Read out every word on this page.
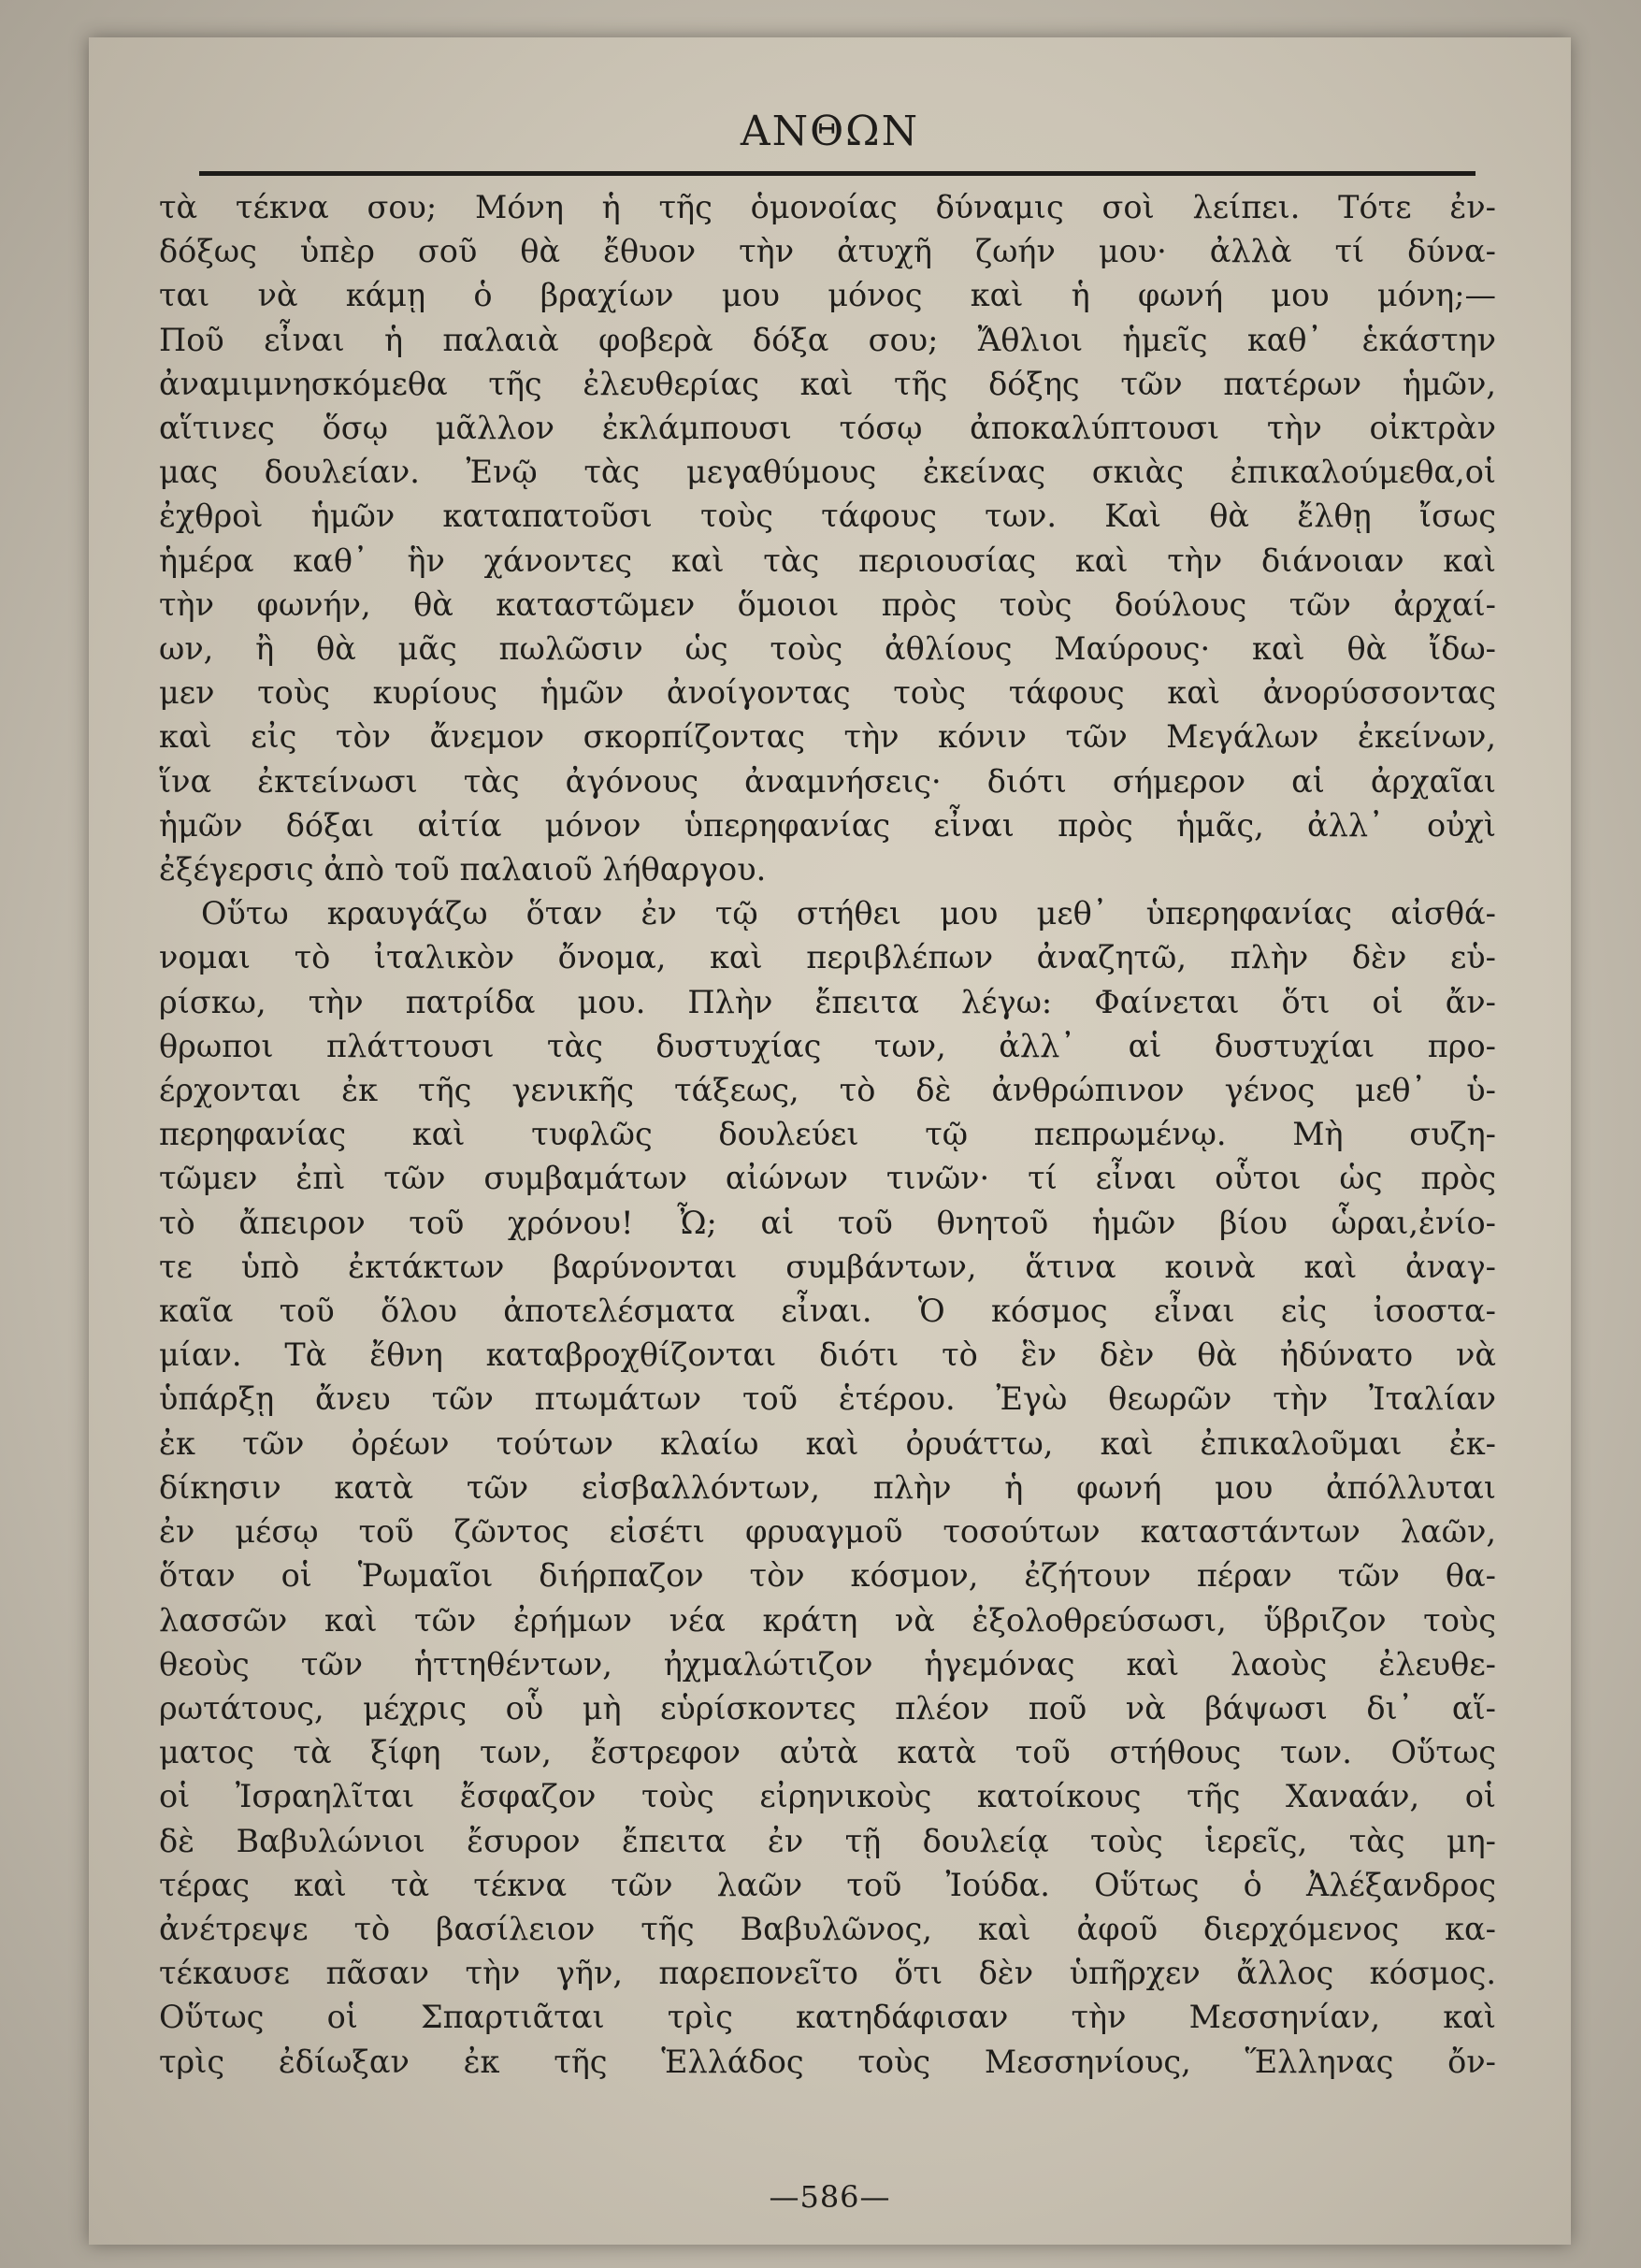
ΑΝΘΩΝ
τὰ τέκνα σου; Μόνη ἡ τῆς ὁμονοίας δύναμις σοὶ λείπει. Τότε ἐν-
δόξως ὑπὲρ σοῦ θὰ ἔθυον τὴν ἀτυχῆ ζωήν μου· ἀλλὰ τί δύνα-
ται νὰ κάμῃ ὁ βραχίων μου μόνος καὶ ἡ φωνή μου μόνη;—
Ποῦ εἶναι ἡ παλαιὰ φοβερὰ δόξα σου; Ἄθλιοι ἡμεῖς καθ᾽ ἑκάστην
ἀναμιμνησκόμεθα τῆς ἐλευθερίας καὶ τῆς δόξης τῶν πατέρων ἡμῶν,
αἵτινες ὅσῳ μᾶλλον ἐκλάμπουσι τόσῳ ἀποκαλύπτουσι τὴν οἰκτρὰν
μας δουλείαν. Ἐνῷ τὰς μεγαθύμους ἐκείνας σκιὰς ἐπικαλούμεθα,οἱ
ἐχθροὶ ἡμῶν καταπατοῦσι τοὺς τάφους των. Καὶ θὰ ἔλθῃ ἴσως
ἡμέρα καθ᾽ ἣν χάνοντες καὶ τὰς περιουσίας καὶ τὴν διάνοιαν καὶ
τὴν φωνήν, θὰ καταστῶμεν ὅμοιοι πρὸς τοὺς δούλους τῶν ἀρχαί-
ων, ἢ θὰ μᾶς πωλῶσιν ὡς τοὺς ἀθλίους Μαύρους· καὶ θὰ ἴδω-
μεν τοὺς κυρίους ἡμῶν ἀνοίγοντας τοὺς τάφους καὶ ἀνορύσσοντας
καὶ εἰς τὸν ἄνεμον σκορπίζοντας τὴν κόνιν τῶν Μεγάλων ἐκείνων,
ἵνα ἐκτείνωσι τὰς ἀγόνους ἀναμνήσεις· διότι σήμερον αἱ ἀρχαῖαι
ἡμῶν δόξαι αἰτία μόνον ὑπερηφανίας εἶναι πρὸς ἡμᾶς, ἀλλ᾽ οὐχὶ
ἐξέγερσις ἀπὸ τοῦ παλαιοῦ λήθαργου.
Οὕτω κραυγάζω ὅταν ἐν τῷ στήθει μου μεθ᾽ ὑπερηφανίας αἰσθά-
νομαι τὸ ἰταλικὸν ὄνομα, καὶ περιβλέπων ἀναζητῶ, πλὴν δὲν εὑ-
ρίσκω, τὴν πατρίδα μου. Πλὴν ἔπειτα λέγω: Φαίνεται ὅτι οἱ ἄν-
θρωποι πλάττουσι τὰς δυστυχίας των, ἀλλ᾽ αἱ δυστυχίαι προ-
έρχονται ἐκ τῆς γενικῆς τάξεως, τὸ δὲ ἀνθρώπινον γένος μεθ᾽ ὑ-
περηφανίας καὶ τυφλῶς δουλεύει τῷ πεπρωμένῳ. Μὴ συζη-
τῶμεν ἐπὶ τῶν συμβαμάτων αἰώνων τινῶν· τί εἶναι οὗτοι ὡς πρὸς
τὸ ἄπειρον τοῦ χρόνου! Ὦ; αἱ τοῦ θνητοῦ ἡμῶν βίου ὧραι,ἐνίο-
τε ὑπὸ ἐκτάκτων βαρύνονται συμβάντων, ἅτινα κοινὰ καὶ ἀναγ-
καῖα τοῦ ὅλου ἀποτελέσματα εἶναι. Ὁ κόσμος εἶναι εἰς ἰσοστα-
μίαν. Τὰ ἔθνη καταβροχθίζονται διότι τὸ ἓν δὲν θὰ ἠδύνατο νὰ
ὑπάρξῃ ἄνευ τῶν πτωμάτων τοῦ ἑτέρου. Ἐγὼ θεωρῶν τὴν Ἰταλίαν
ἐκ τῶν ὀρέων τούτων κλαίω καὶ ὀρυάττω, καὶ ἐπικαλοῦμαι ἐκ-
δίκησιν κατὰ τῶν εἰσβαλλόντων, πλὴν ἡ φωνή μου ἀπόλλυται
ἐν μέσῳ τοῦ ζῶντος εἰσέτι φρυαγμοῦ τοσούτων καταστάντων λαῶν,
ὅταν οἱ Ῥωμαῖοι διήρπαζον τὸν κόσμον, ἐζήτουν πέραν τῶν θα-
λασσῶν καὶ τῶν ἐρήμων νέα κράτη νὰ ἐξολοθρεύσωσι, ὕβριζον τοὺς
θεοὺς τῶν ἡττηθέντων, ἠχμαλώτιζον ἡγεμόνας καὶ λαοὺς ἐλευθε-
ρωτάτους, μέχρις οὗ μὴ εὑρίσκοντες πλέον ποῦ νὰ βάψωσι δι᾽ αἵ-
ματος τὰ ξίφη των, ἔστρεφον αὐτὰ κατὰ τοῦ στήθους των. Οὕτως
οἱ Ἰσραηλῖται ἔσφαζον τοὺς εἰρηνικοὺς κατοίκους τῆς Χαναάν, οἱ
δὲ Βαβυλώνιοι ἔσυρον ἔπειτα ἐν τῇ δουλείᾳ τοὺς ἱερεῖς, τὰς μη-
τέρας καὶ τὰ τέκνα τῶν λαῶν τοῦ Ἰούδα. Οὕτως ὁ Ἀλέξανδρος
ἀνέτρεψε τὸ βασίλειον τῆς Βαβυλῶνος, καὶ ἀφοῦ διερχόμενος κα-
τέκαυσε πᾶσαν τὴν γῆν, παρεπονεῖτο ὅτι δὲν ὑπῆρχεν ἄλλος κόσμος.
Οὕτως οἱ Σπαρτιᾶται τρὶς κατηδάφισαν τὴν Μεσσηνίαν, καὶ
τρὶς ἐδίωξαν ἐκ τῆς Ἑλλάδος τοὺς Μεσσηνίους, Ἕλληνας ὄν-
—586—
